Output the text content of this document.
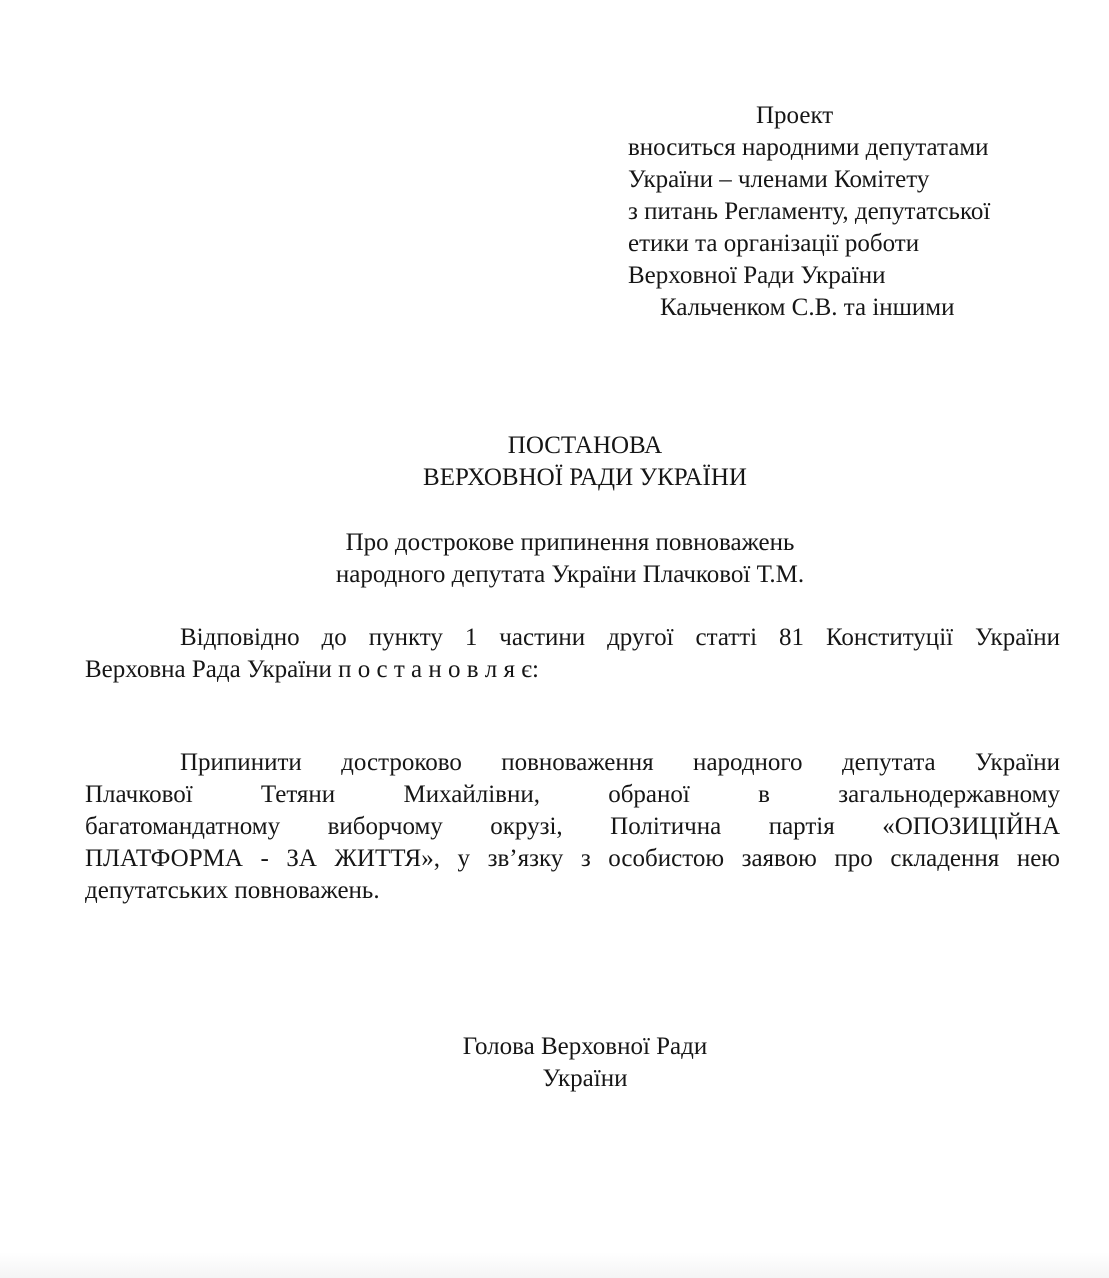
Проект
вноситься народними депутатами
України – членами Комітету
з питань Регламенту, депутатської
етики та організації роботи
Верховної Ради України
Кальченком С.В. та іншими
ПОСТАНОВА
ВЕРХОВНОЇ РАДИ УКРАЇНИ
Про дострокове припинення повноважень
народного депутата України Плачкової Т.М.
Відповідно до пункту 1 частини другої статті 81 Конституції України
Верховна Рада України п о с т а н о в л я є:
Припинити достроково повноваження народного депутата України
Плачкової Тетяни Михайлівни, обраної в загальнодержавному
багатомандатному виборчому окрузі, Політична партія «ОПОЗИЦІЙНА
ПЛАТФОРМА - ЗА ЖИТТЯ», у зв’язку з особистою заявою про складення нею
депутатських повноважень.
Голова Верховної Ради
України
